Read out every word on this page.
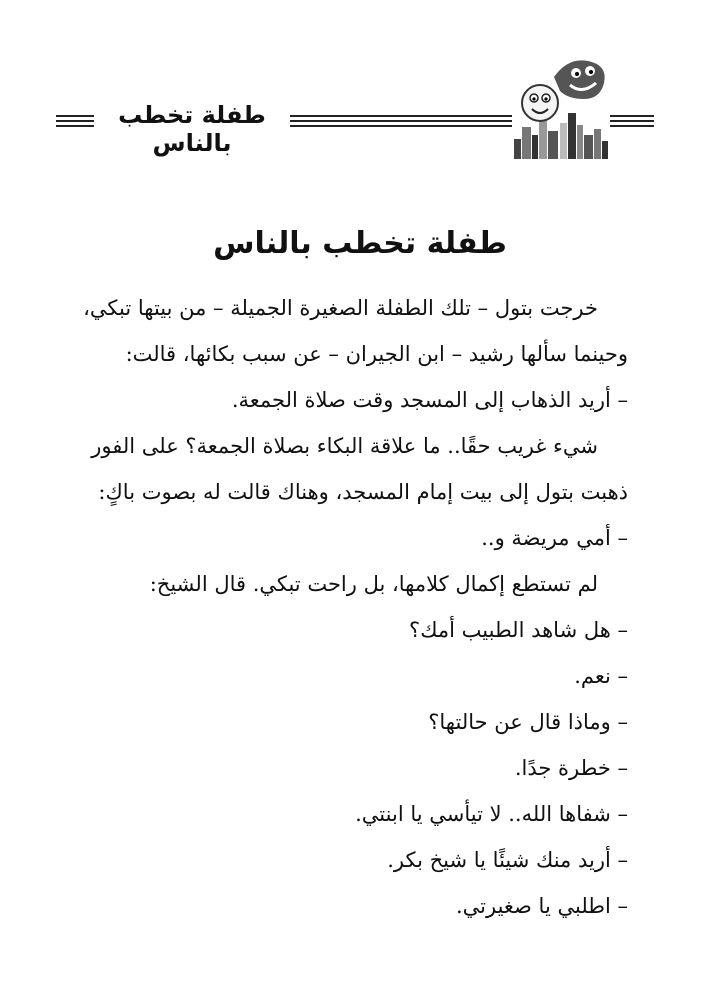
طفلة تخطب بالناس
طفلة تخطب بالناس
خرجت بتول – تلك الطفلة الصغيرة الجميلة – من بيتها تبكي،
وحينما سألها رشيد – ابن الجيران – عن سبب بكائها، قالت:
– أريد الذهاب إلى المسجد وقت صلاة الجمعة.
شيء غريب حقًا.. ما علاقة البكاء بصلاة الجمعة؟ على الفور
ذهبت بتول إلى بيت إمام المسجد، وهناك قالت له بصوت باكٍ:
– أمي مريضة و..
لم تستطع إكمال كلامها، بل راحت تبكي. قال الشيخ:
– هل شاهد الطبيب أمك؟
– نعم.
– وماذا قال عن حالتها؟
– خطرة جدًا.
– شفاها الله.. لا تيأسي يا ابنتي.
– أريد منك شيئًا يا شيخ بكر.
– اطلبي يا صغيرتي.
